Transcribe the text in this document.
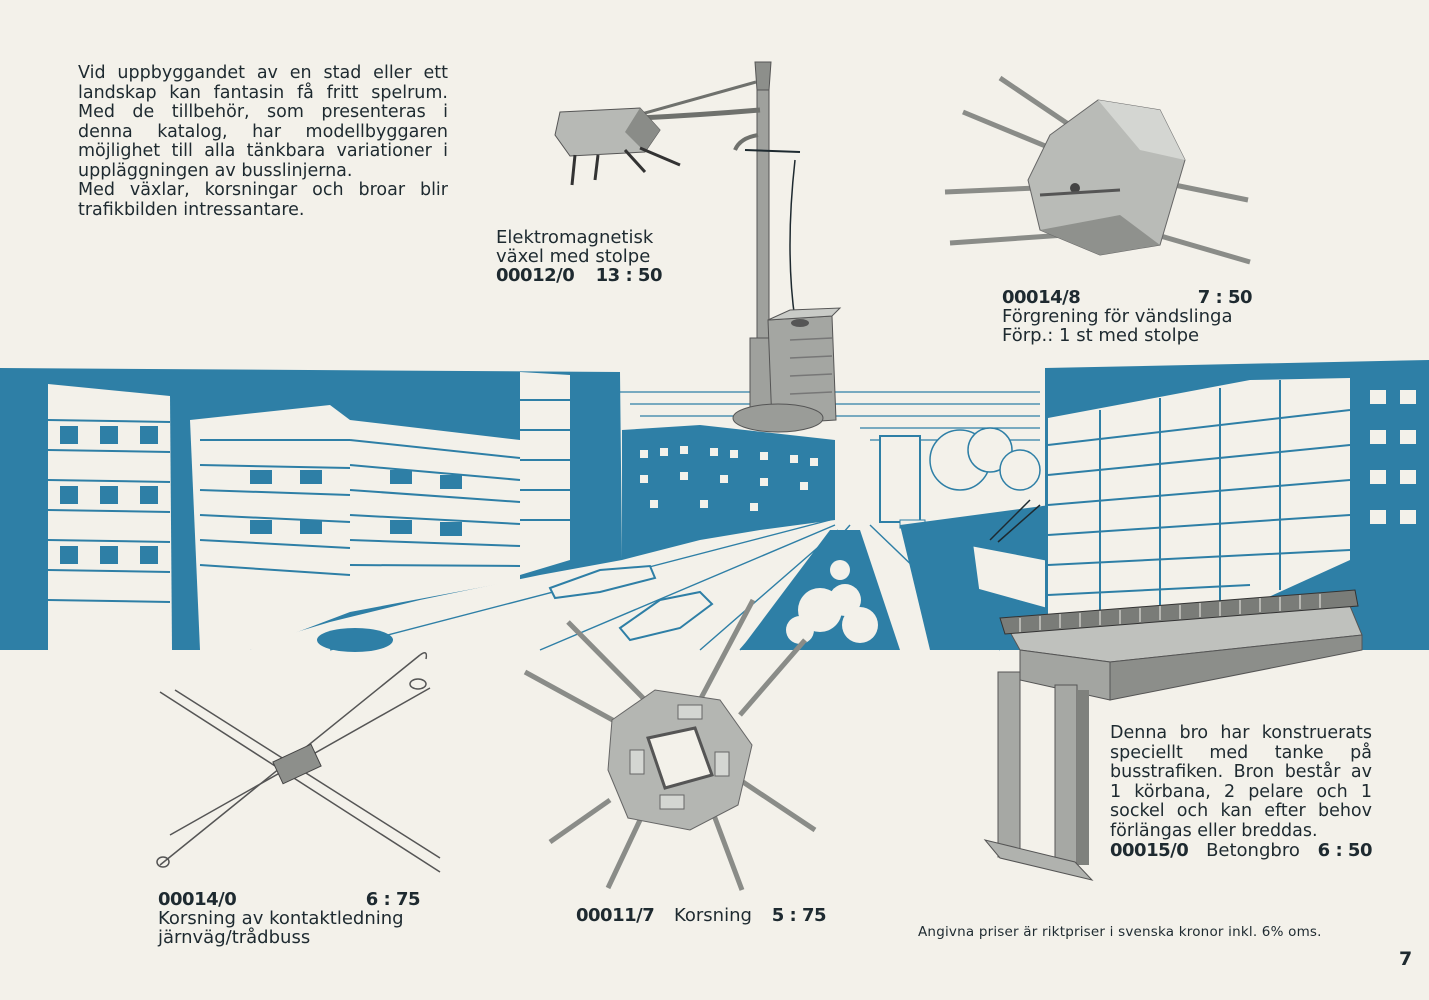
Vid uppbyggandet av en stad eller ett landskap kan fantasin få fritt spelrum. Med de tillbehör, som presenteras i denna katalog, har modellbyggaren möjlighet till alla tänkbara variationer i uppläggningen av busslinjerna.

Med växlar, korsningar och broar blir trafikbilden intressantare.

Elektromagnetisk
växel med stolpe
00012/0 13 : 50
00014/8	7 : 50
Förgrening för vändslinga
Förp.: 1 st med stolpe
00014/0	6 : 75
Korsning av kontaktledning
järnväg/trådbuss
00011/7 Korsning 5 : 75
Denna bro har konstruerats speciellt med tanke på busstrafiken. Bron består av 1 körbana, 2 pelare och 1 sockel och kan efter behov förlängas eller breddas.
00015/0 Betongbro 6 : 50
Angivna priser är riktpriser i svenska kronor inkl. 6% oms.
7
